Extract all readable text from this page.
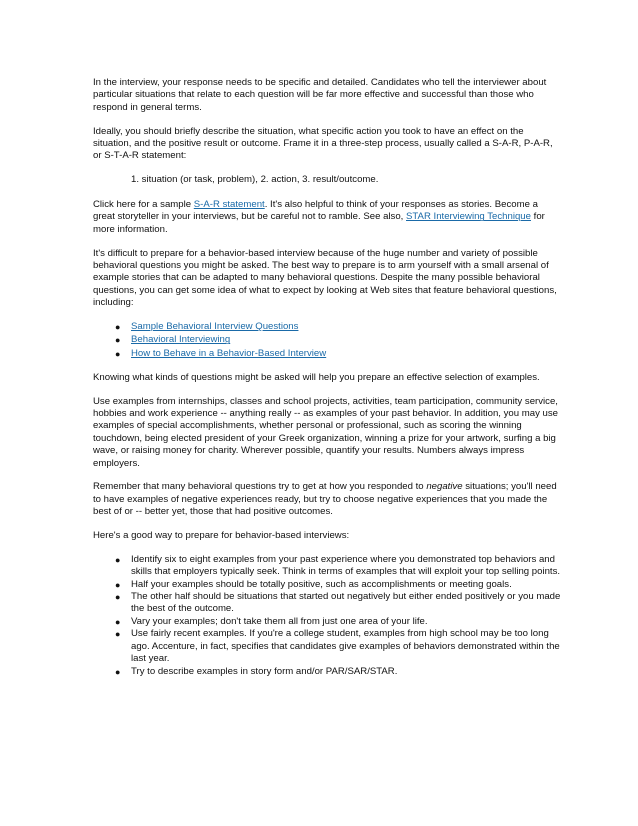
In the interview, your response needs to be specific and detailed. Candidates who tell the interviewer about particular situations that relate to each question will be far more effective and successful than those who respond in general terms.

Ideally, you should briefly describe the situation, what specific action you took to have an effect on the situation, and the positive result or outcome. Frame it in a three-step process, usually called a S-A-R, P-A-R, or S-T-A-R statement:

1. situation (or task, problem), 2. action, 3. result/outcome.

Click here for a sample S-A-R statement. It's also helpful to think of your responses as stories. Become a great storyteller in your interviews, but be careful not to ramble. See also, STAR Interviewing Technique for more information.

It's difficult to prepare for a behavior-based interview because of the huge number and variety of possible behavioral questions you might be asked. The best way to prepare is to arm yourself with a small arsenal of example stories that can be adapted to many behavioral questions. Despite the many possible behavioral questions, you can get some idea of what to expect by looking at Web sites that feature behavioral questions, including:

● Sample Behavioral Interview Questions
● Behavioral Interviewing
● How to Behave in a Behavior-Based Interview

Knowing what kinds of questions might be asked will help you prepare an effective selection of examples.

Use examples from internships, classes and school projects, activities, team participation, community service, hobbies and work experience -- anything really -- as examples of your past behavior. In addition, you may use examples of special accomplishments, whether personal or professional, such as scoring the winning touchdown, being elected president of your Greek organization, winning a prize for your artwork, surfing a big wave, or raising money for charity. Wherever possible, quantify your results. Numbers always impress employers.

Remember that many behavioral questions try to get at how you responded to negative situations; you'll need to have examples of negative experiences ready, but try to choose negative experiences that you made the best of or -- better yet, those that had positive outcomes.

Here's a good way to prepare for behavior-based interviews:

● Identify six to eight examples from your past experience where you demonstrated top behaviors and skills that employers typically seek. Think in terms of examples that will exploit your top selling points.
● Half your examples should be totally positive, such as accomplishments or meeting goals.
● The other half should be situations that started out negatively but either ended positively or you made the best of the outcome.
● Vary your examples; don't take them all from just one area of your life.
● Use fairly recent examples. If you're a college student, examples from high school may be too long ago. Accenture, in fact, specifies that candidates give examples of behaviors demonstrated within the last year.
● Try to describe examples in story form and/or PAR/SAR/STAR.
